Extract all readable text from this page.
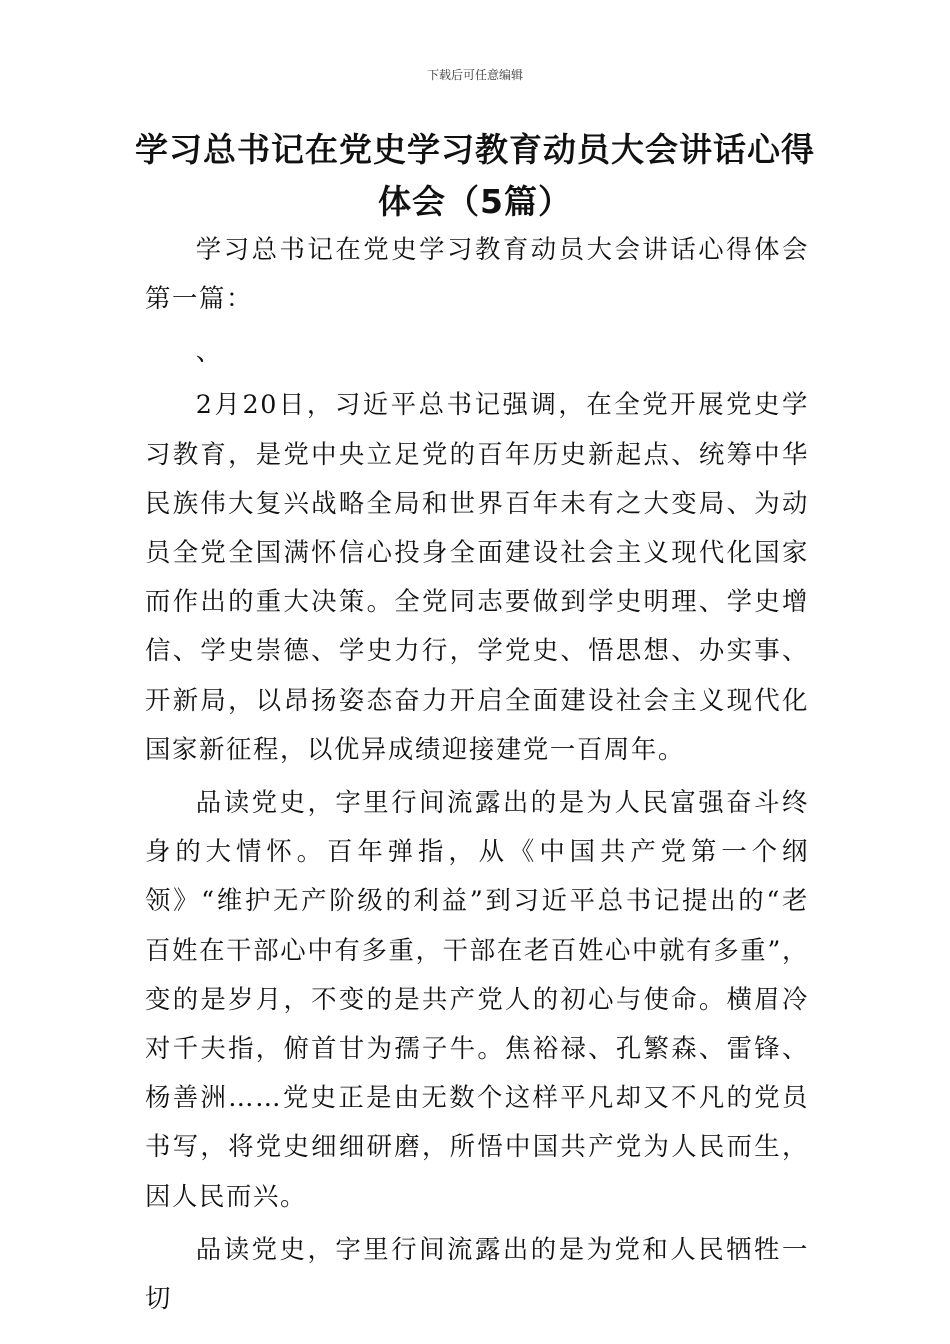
下载后可任意编辑
学习总书记在党史学习教育动员大会讲话心得体会（5篇）

学习总书记在党史学习教育动员大会讲话心得体会 第一篇：

、

2月20日，习近平总书记强调，在全党开展党史学习教育，是党中央立足党的百年历史新起点、统筹中华民族伟大复兴战略全局和世界百年未有之大变局、为动员全党全国满怀信心投身全面建设社会主义现代化国家而作出的重大决策。全党同志要做到学史明理、学史增信、学史崇德、学史力行，学党史、悟思想、办实事、开新局，以昂扬姿态奋力开启全面建设社会主义现代化国家新征程，以优异成绩迎接建党一百周年。

品读党史，字里行间流露出的是为人民富强奋斗终身的大情怀。百年弹指，从《中国共产党第一个纲领》“维护无产阶级的利益”到习近平总书记提出的“老百姓在干部心中有多重，干部在老百姓心中就有多重”，变的是岁月，不变的是共产党人的初心与使命。横眉冷对千夫指，俯首甘为孺子牛。焦裕禄、孔繁森、雷锋、杨善洲……党史正是由无数个这样平凡却又不凡的党员书写，将党史细细研磨，所悟中国共产党为人民而生，因人民而兴。

品读党史，字里行间流露出的是为党和人民牺牲一切
